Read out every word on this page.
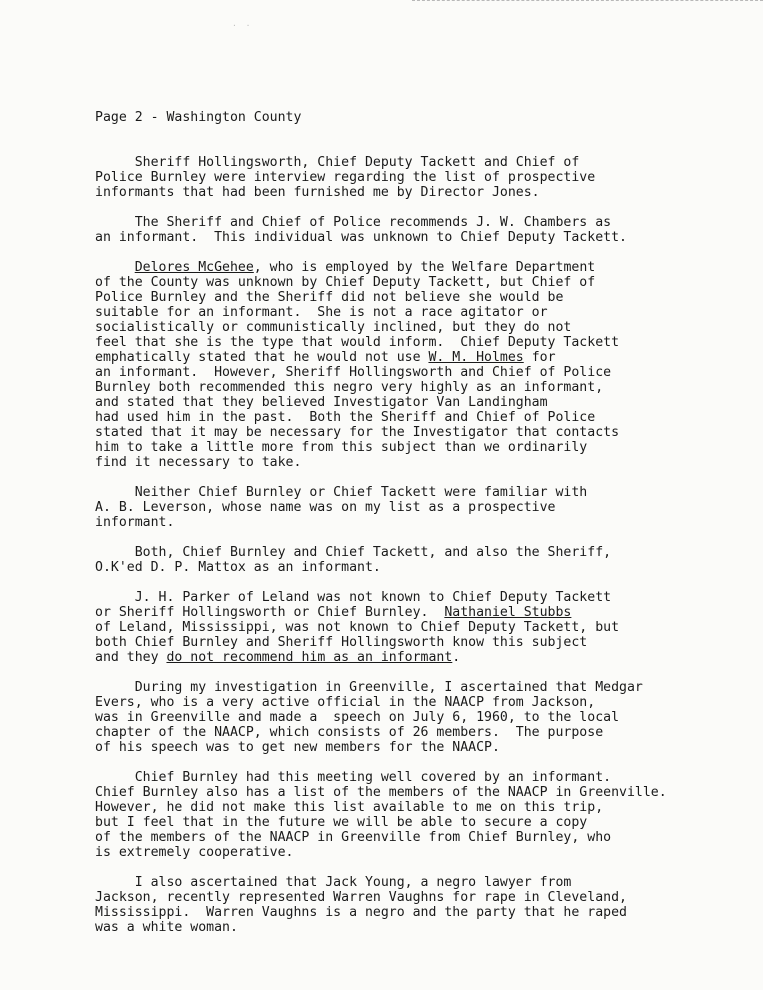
· ·
Page 2 - Washington County
Sheriff Hollingsworth, Chief Deputy Tackett and Chief of
Police Burnley were interview regarding the list of prospective
informants that had been furnished me by Director Jones.
The Sheriff and Chief of Police recommends J. W. Chambers as
an informant.  This individual was unknown to Chief Deputy Tackett.
Delores McGehee, who is employed by the Welfare Department
of the County was unknown by Chief Deputy Tackett, but Chief of
Police Burnley and the Sheriff did not believe she would be
suitable for an informant.  She is not a race agitator or
socialistically or communistically inclined, but they do not
feel that she is the type that would inform.  Chief Deputy Tackett
emphatically stated that he would not use W. M. Holmes for
an informant.  However, Sheriff Hollingsworth and Chief of Police
Burnley both recommended this negro very highly as an informant,
and stated that they believed Investigator Van Landingham
had used him in the past.  Both the Sheriff and Chief of Police
stated that it may be necessary for the Investigator that contacts
him to take a little more from this subject than we ordinarily
find it necessary to take.
Neither Chief Burnley or Chief Tackett were familiar with
A. B. Leverson, whose name was on my list as a prospective
informant.
Both, Chief Burnley and Chief Tackett, and also the Sheriff,
O.K'ed D. P. Mattox as an informant.
J. H. Parker of Leland was not known to Chief Deputy Tackett
or Sheriff Hollingsworth or Chief Burnley.  Nathaniel Stubbs
of Leland, Mississippi, was not known to Chief Deputy Tackett, but
both Chief Burnley and Sheriff Hollingsworth know this subject
and they do not recommend him as an informant.
During my investigation in Greenville, I ascertained that Medgar
Evers, who is a very active official in the NAACP from Jackson,
was in Greenville and made a  speech on July 6, 1960, to the local
chapter of the NAACP, which consists of 26 members.  The purpose
of his speech was to get new members for the NAACP.
Chief Burnley had this meeting well covered by an informant.
Chief Burnley also has a list of the members of the NAACP in Greenville.
However, he did not make this list available to me on this trip,
but I feel that in the future we will be able to secure a copy
of the members of the NAACP in Greenville from Chief Burnley, who
is extremely cooperative.
I also ascertained that Jack Young, a negro lawyer from
Jackson, recently represented Warren Vaughns for rape in Cleveland,
Mississippi.  Warren Vaughns is a negro and the party that he raped
was a white woman.
